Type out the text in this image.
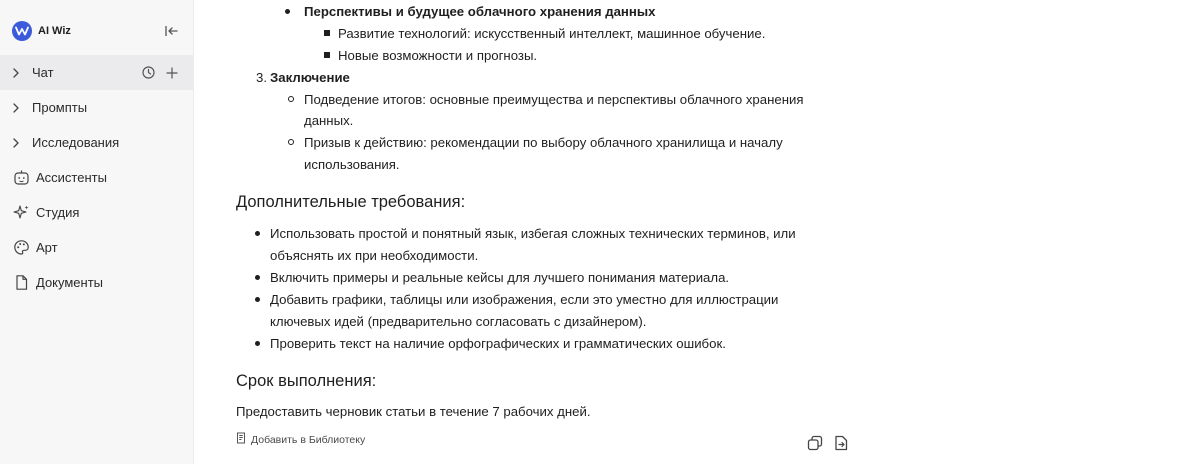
AI Wiz
Чат
Промпты
Исследования
Ассистенты
Студия
Арт
Документы
Перспективы и будущее облачного хранения данных
Развитие технологий: искусственный интеллект, машинное обучение.
Новые возможности и прогнозы.
3. Заключение
Подведение итогов: основные преимущества и перспективы облачного хранения
данных.
Призыв к действию: рекомендации по выбору облачного хранилища и началу
использования.
Дополнительные требования:
Использовать простой и понятный язык, избегая сложных технических терминов, или
объяснять их при необходимости.
Включить примеры и реальные кейсы для лучшего понимания материала.
Добавить графики, таблицы или изображения, если это уместно для иллюстрации
ключевых идей (предварительно согласовать с дизайнером).
Проверить текст на наличие орфографических и грамматических ошибок.
Срок выполнения:
Предоставить черновик статьи в течение 7 рабочих дней.
Добавить в Библиотеку
